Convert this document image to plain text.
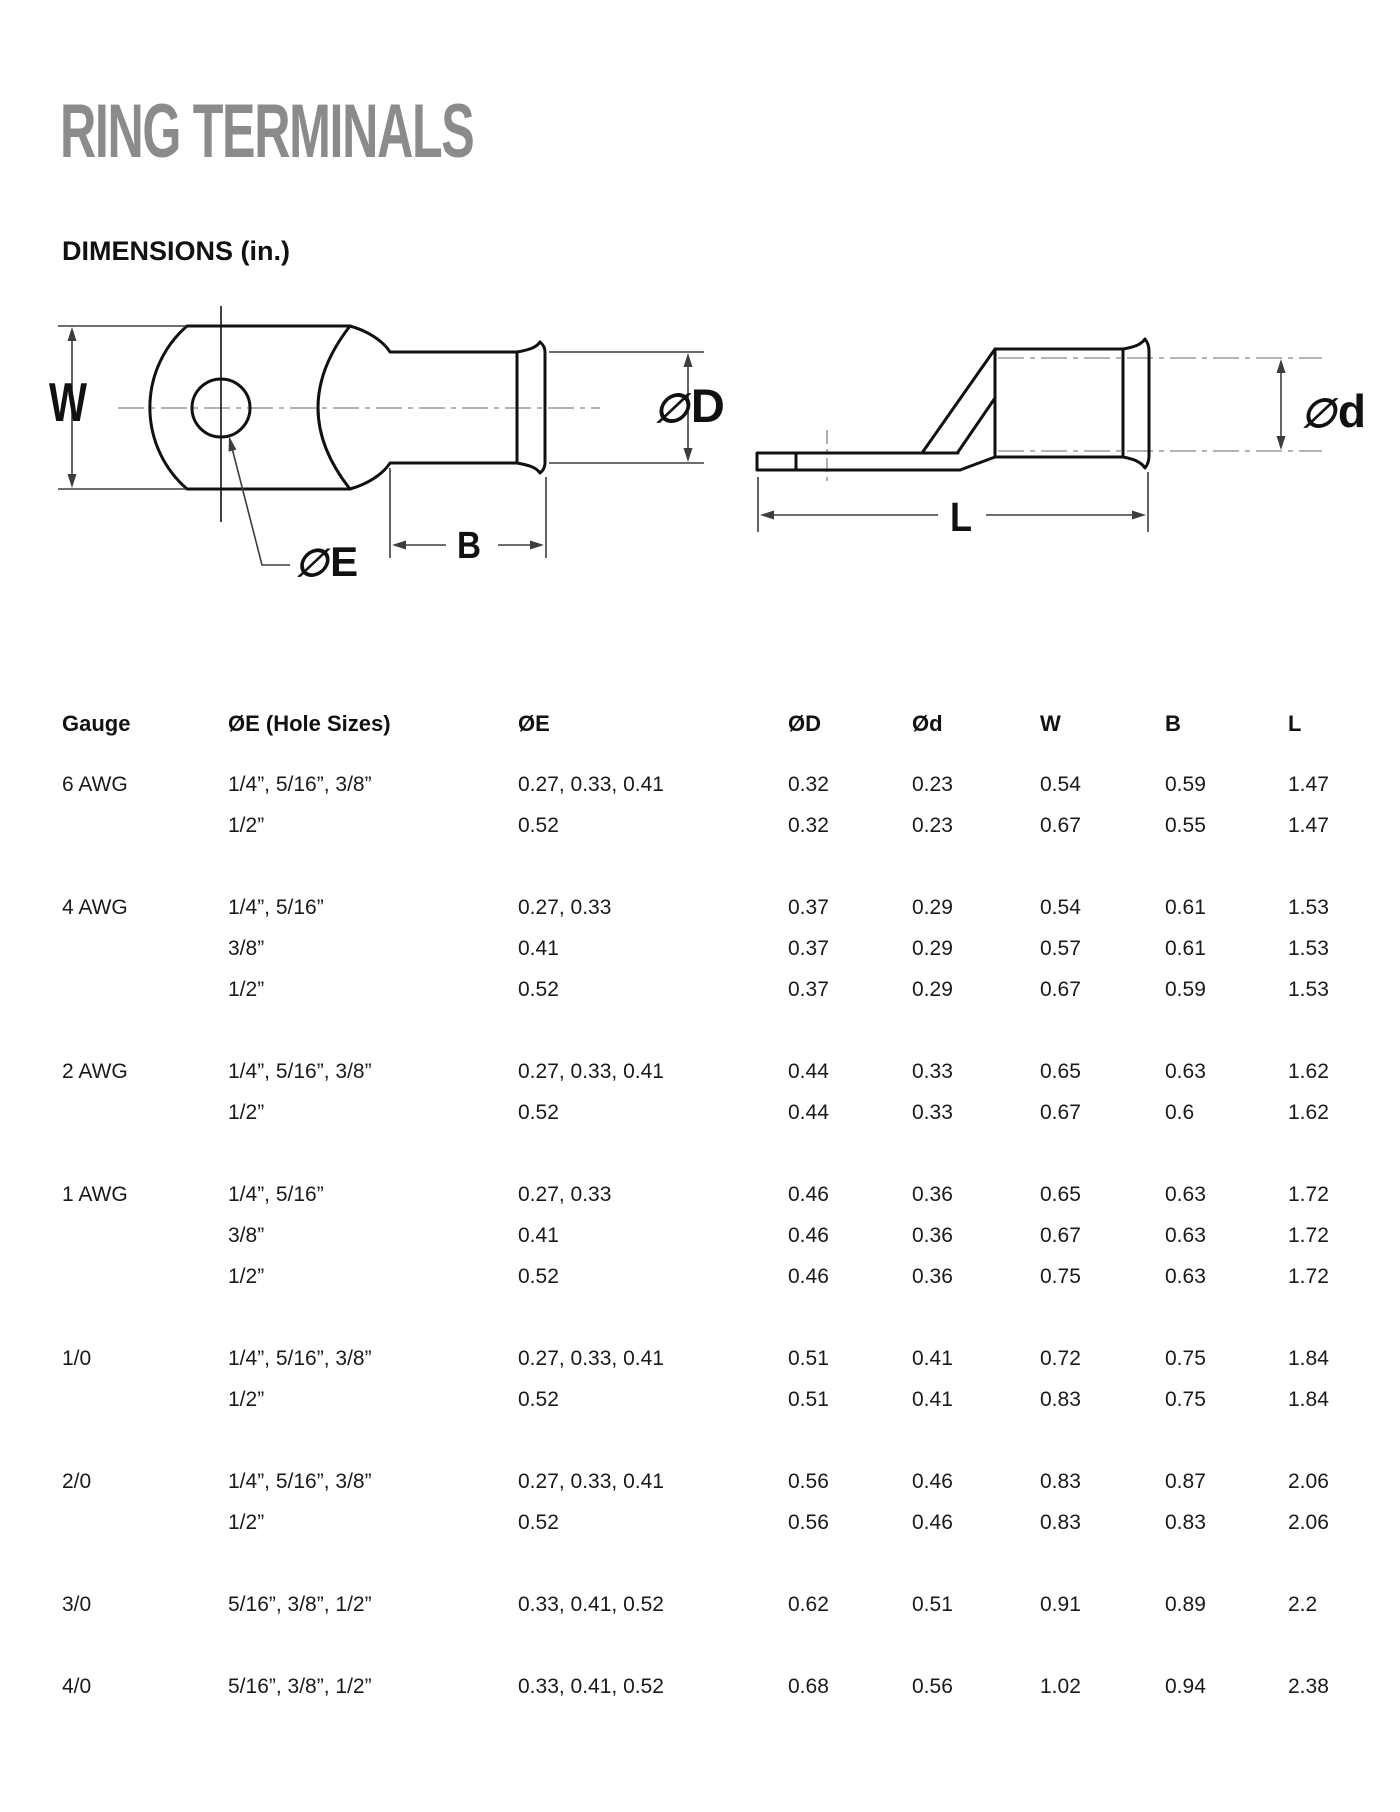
RING TERMINALS
DIMENSIONS (in.)
W	∅D
B
∅E
∅d
L
Gauge	ØE (Hole Sizes)	ØE	ØD	Ød	W	B	L
6 AWG	1/4”, 5/16”, 3/8”	0.27, 0.33, 0.41	0.32	0.23	0.54	0.59	1.47
1/2”	0.52	0.32	0.23	0.67	0.55	1.47
4 AWG	1/4”, 5/16”	0.27, 0.33	0.37	0.29	0.54	0.61	1.53
3/8”	0.41	0.37	0.29	0.57	0.61	1.53
1/2”	0.52	0.37	0.29	0.67	0.59	1.53
2 AWG	1/4”, 5/16”, 3/8”	0.27, 0.33, 0.41	0.44	0.33	0.65	0.63	1.62
1/2”	0.52	0.44	0.33	0.67	0.6	1.62
1 AWG	1/4”, 5/16”	0.27, 0.33	0.46	0.36	0.65	0.63	1.72
3/8”	0.41	0.46	0.36	0.67	0.63	1.72
1/2”	0.52	0.46	0.36	0.75	0.63	1.72
1/0	1/4”, 5/16”, 3/8”	0.27, 0.33, 0.41	0.51	0.41	0.72	0.75	1.84
1/2”	0.52	0.51	0.41	0.83	0.75	1.84
2/0	1/4”, 5/16”, 3/8”	0.27, 0.33, 0.41	0.56	0.46	0.83	0.87	2.06
1/2”	0.52	0.56	0.46	0.83	0.83	2.06
3/0	5/16”, 3/8”, 1/2”	0.33, 0.41, 0.52	0.62	0.51	0.91	0.89	2.2
4/0	5/16”, 3/8”, 1/2”	0.33, 0.41, 0.52	0.68	0.56	1.02	0.94	2.38
